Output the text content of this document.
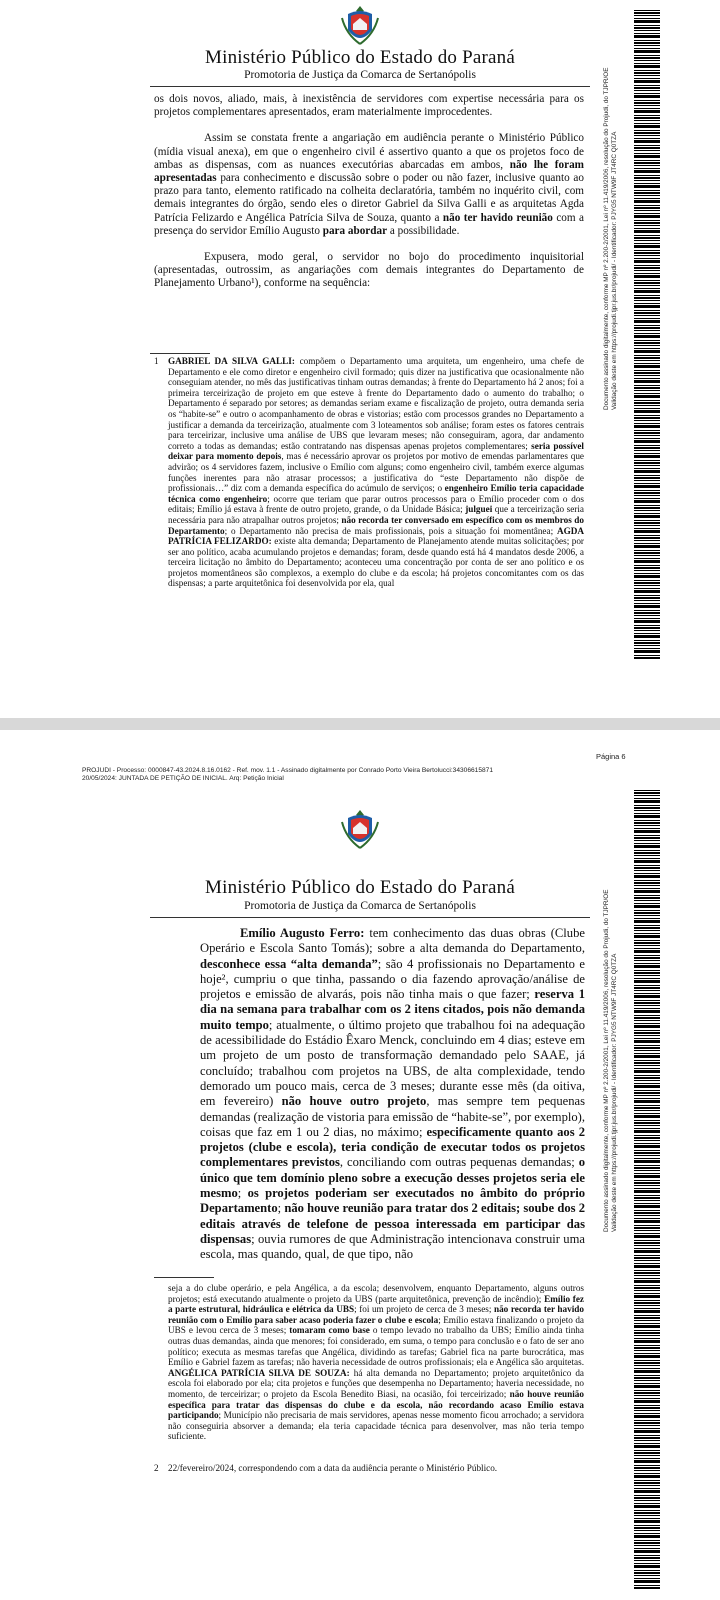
Ministério Público do Estado do Paraná
Promotoria de Justiça da Comarca de Sertanópolis

os dois novos, aliado, mais, à inexistência de servidores com expertise necessária para os projetos complementares apresentados, eram materialmente improcedentes.

Assim se constata frente a angariação em audiência perante o Ministério Público (mídia visual anexa), em que o engenheiro civil é assertivo quanto a que os projetos foco de ambas as dispensas, com as nuances executórias abarcadas em ambos, não lhe foram apresentadas para conhecimento e discussão sobre o poder ou não fazer, inclusive quanto ao prazo para tanto, elemento ratificado na colheita declaratória, também no inquérito civil, com demais integrantes do órgão, sendo eles o diretor Gabriel da Silva Galli e as arquitetas Agda Patrícia Felizardo e Angélica Patrícia Silva de Souza, quanto a não ter havido reunião com a presença do servidor Emílio Augusto para abordar a possibilidade.

Expusera, modo geral, o servidor no bojo do procedimento inquisitorial (apresentadas, outrossim, as angariações com demais integrantes do Departamento de Planejamento Urbano¹), conforme na sequência:

1 GABRIEL DA SILVA GALLI: compõem o Departamento uma arquiteta, um engenheiro, uma chefe de Departamento e ele como diretor e engenheiro civil formado; quis dizer na justificativa que ocasionalmente não conseguiam atender, no mês das justificativas tinham outras demandas; à frente do Departamento há 2 anos; foi a primeira terceirização de projeto em que esteve à frente do Departamento dado o aumento do trabalho; o Departamento é separado por setores; as demandas seriam exame e fiscalização de projeto, outra demanda seria os “habite-se” e outro o acompanhamento de obras e vistorias; estão com processos grandes no Departamento a justificar a demanda da terceirização, atualmente com 3 loteamentos sob análise; foram estes os fatores centrais para terceirizar, inclusive uma análise de UBS que levaram meses; não conseguiram, agora, dar andamento correto a todas as demandas; estão contratando nas dispensas apenas projetos complementares; seria possível deixar para momento depois, mas é necessário aprovar os projetos por motivo de emendas parlamentares que advirão; os 4 servidores fazem, inclusive o Emílio com alguns; como engenheiro civil, também exerce algumas funções inerentes para não atrasar processos; a justificativa do “este Departamento não dispõe de profissionais…” diz com a demanda específica do acúmulo de serviços; o engenheiro Emílio teria capacidade técnica como engenheiro; ocorre que teriam que parar outros processos para o Emílio proceder com o dos editais; Emílio já estava à frente de outro projeto, grande, o da Unidade Básica; julguei que a terceirização seria necessária para não atrapalhar outros projetos; não recorda ter conversado em específico com os membros do Departamento; o Departamento não precisa de mais profissionais, pois a situação foi momentânea; AGDA PATRÍCIA FELIZARDO: existe alta demanda; Departamento de Planejamento atende muitas solicitações; por ser ano político, acaba acumulando projetos e demandas; foram, desde quando está há 4 mandatos desde 2006, a terceira licitação no âmbito do Departamento; aconteceu uma concentração por conta de ser ano político e os projetos momentâneos são complexos, a exemplo do clube e da escola; há projetos concomitantes com os das dispensas; a parte arquitetônica foi desenvolvida por ela, qual

Documento assinado digitalmente, conforme MP nº 2.200-2/2001, Lei nº 11.419/2006, resolução do Projudi, do TJPR/OE Validação deste em https://projudi.tjpr.jus.br/projudi/ - Identificador: PJYG5 NTW9F JT4RC Q0TZA
Página 6
PROJUDI - Processo: 0000847-43.2024.8.16.0162 - Ref. mov. 1.1 - Assinado digitalmente por Conrado Porto Vieira Bertolucci:34306615871
20/05/2024: JUNTADA DE PETIÇÃO DE INICIAL. Arq: Petição Inicial
Ministério Público do Estado do Paraná
Promotoria de Justiça da Comarca de Sertanópolis

Emílio Augusto Ferro: tem conhecimento das duas obras (Clube Operário e Escola Santo Tomás); sobre a alta demanda do Departamento, desconhece essa “alta demanda”; são 4 profissionais no Departamento e hoje², cumpriu o que tinha, passando o dia fazendo aprovação/análise de projetos e emissão de alvarás, pois não tinha mais o que fazer; reserva 1 dia na semana para trabalhar com os 2 itens citados, pois não demanda muito tempo; atualmente, o último projeto que trabalhou foi na adequação de acessibilidade do Estádio Êxaro Menck, concluindo em 4 dias; esteve em um projeto de um posto de transformação demandado pelo SAAE, já concluído; trabalhou com projetos na UBS, de alta complexidade, tendo demorado um pouco mais, cerca de 3 meses; durante esse mês (da oitiva, em fevereiro) não houve outro projeto, mas sempre tem pequenas demandas (realização de vistoria para emissão de “habite-se”, por exemplo), coisas que faz em 1 ou 2 dias, no máximo; especificamente quanto aos 2 projetos (clube e escola), teria condição de executar todos os projetos complementares previstos, conciliando com outras pequenas demandas; o único que tem domínio pleno sobre a execução desses projetos seria ele mesmo; os projetos poderiam ser executados no âmbito do próprio Departamento; não houve reunião para tratar dos 2 editais; soube dos 2 editais através de telefone de pessoa interessada em participar das dispensas; ouvia rumores de que Administração intencionava construir uma escola, mas quando, qual, de que tipo, não

seja a do clube operário, e pela Angélica, a da escola; desenvolvem, enquanto Departamento, alguns outros projetos; está executando atualmente o projeto da UBS (parte arquitetônica, prevenção de incêndio); Emílio fez a parte estrutural, hidráulica e elétrica da UBS; foi um projeto de cerca de 3 meses; não recorda ter havido reunião com o Emílio para saber acaso poderia fazer o clube e escola; Emílio estava finalizando o projeto da UBS e levou cerca de 3 meses; tomaram como base o tempo levado no trabalho da UBS; Emílio ainda tinha outras duas demandas, ainda que menores; foi considerado, em suma, o tempo para conclusão e o fato de ser ano político; executa as mesmas tarefas que Angélica, dividindo as tarefas; Gabriel fica na parte burocrática, mas Emílio e Gabriel fazem as tarefas; não haveria necessidade de outros profissionais; ela e Angélica são arquitetas. ANGÉLICA PATRÍCIA SILVA DE SOUZA: há alta demanda no Departamento; projeto arquitetônico da escola foi elaborado por ela; cita projetos e funções que desempenha no Departamento; haveria necessidade, no momento, de terceirizar; o projeto da Escola Benedito Biasi, na ocasião, foi terceirizado; não houve reunião específica para tratar das dispensas do clube e da escola, não recordando acaso Emílio estava participando; Município não precisaria de mais servidores, apenas nesse momento ficou arrochado; a servidora não conseguiria absorver a demanda; ela teria capacidade técnica para desenvolver, mas não teria tempo suficiente.

2 22/fevereiro/2024, correspondendo com a data da audiência perante o Ministério Público.

Documento assinado digitalmente, conforme MP nº 2.200-2/2001, Lei nº 11.419/2006, resolução do Projudi, do TJPR/OE Validação deste em https://projudi.tjpr.jus.br/projudi/ - Identificador: PJYG5 NTW9F JT4RC Q0TZA
